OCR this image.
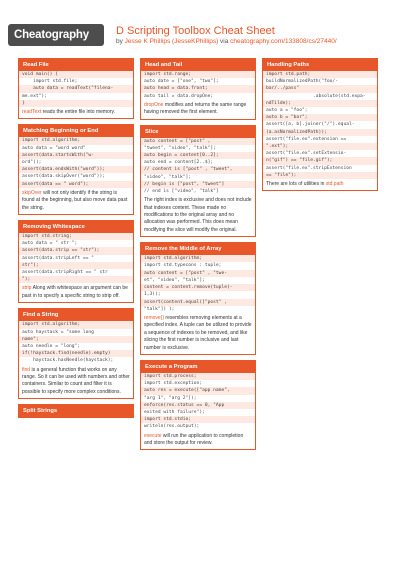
Cheatography	D Scripting Toolbox Cheat Sheet
by Jesse K Phillips (JesseKPhillips) via cheatography.com/133808/cs/27440/
Read File
void main() {
import std.file;
auto data = readText("filena-
me.ext");
}
readText reads the entire file into memory.
Matching Beginning or End
import std.algorithm;
auto data = "word word"
assert(data.startsWith("w-
ord"));
assert(data.endsWith("word"));
assert(data.skipOver("word"));
assert(data == " word");
skipOver will not only identify if the string is found at the beginning, but also move data past the string.
Removing Whitespace
import std.string;
auto data = " str ";
assert(data.strip == "str");
assert(data.stripLeft == "
str");
assert(data.stripRight == " str
");
strip Along with whitespace an argument can be past in to specify a specific string to strip off.
Find a String
import std.algorithm;
auto haystack = "some long
name";
auto needle = "long";
if(!haystack.find(needle).empty)
haystack.hasNeedle(haystack);
find is a general function that works on any range. So it can be used with numbers and other containers. Similar to count and filter it is possible to specify more complex conditions.
Split Strings
Head and Tail
import std.range;
auto date = ["one", "two"];
auto head = data.front;
auto tail = data.dropOne;
dropOne modifies and returns the same range having removed the first element.
Slice
auto content = ["post" ,
"tweet", "video", "talk"];
auto begin = content[0..2];
auto end = content[2..$];
// content is ["post" , "tweet",
"video", "talk"];
// begin is ["post", "tweet"]
// end is ["video", "talk"]
The right index is exclusive and does not include that indexes content. These made no modifications to the original array and no allocation was performed. This does mean modifying the slice will modify the original.
Remove the Middle of Array
import std.algorithm;
import std.typecons : tuple;
auto content = ["post" , "twe-
et", "video", "talk"];
content = content.remove(tuple(-
1,3));
assert(content.equal(["post" ,
"talk"]) );
remove() resembles removing elements at a specified index. A tuple can be utilized to provide a sequence of indexes to be removed, and like slicing the first number is inclusive and last number is exclusive.
Execute a Program
import std.process;
import std.exception;
auto res = execute(["app name",
"arg 1", "arg 2"]);
enforce(res.status == 0, "App
exited with failure");
import std.stdio;
writeln(res.output);
execute will run the application to completion and store the output for review.
Handling Paths
import std.path;
buildNormalizedPath("foo/-
bar/../pass"
.absolute(std.expa-
ndTilde);
auto a = "foo";
auto b = "bar";
assert([a, b].joiner("/").equal-
(a.asNormalizedPath));
assert("file.ex".extension ==
".ext");
assert("file.ex".setExtensio-
n("gif") == "file.gif");
assert("file.ex".stripExtension
== "file");
There are lots of utilities in std.path
